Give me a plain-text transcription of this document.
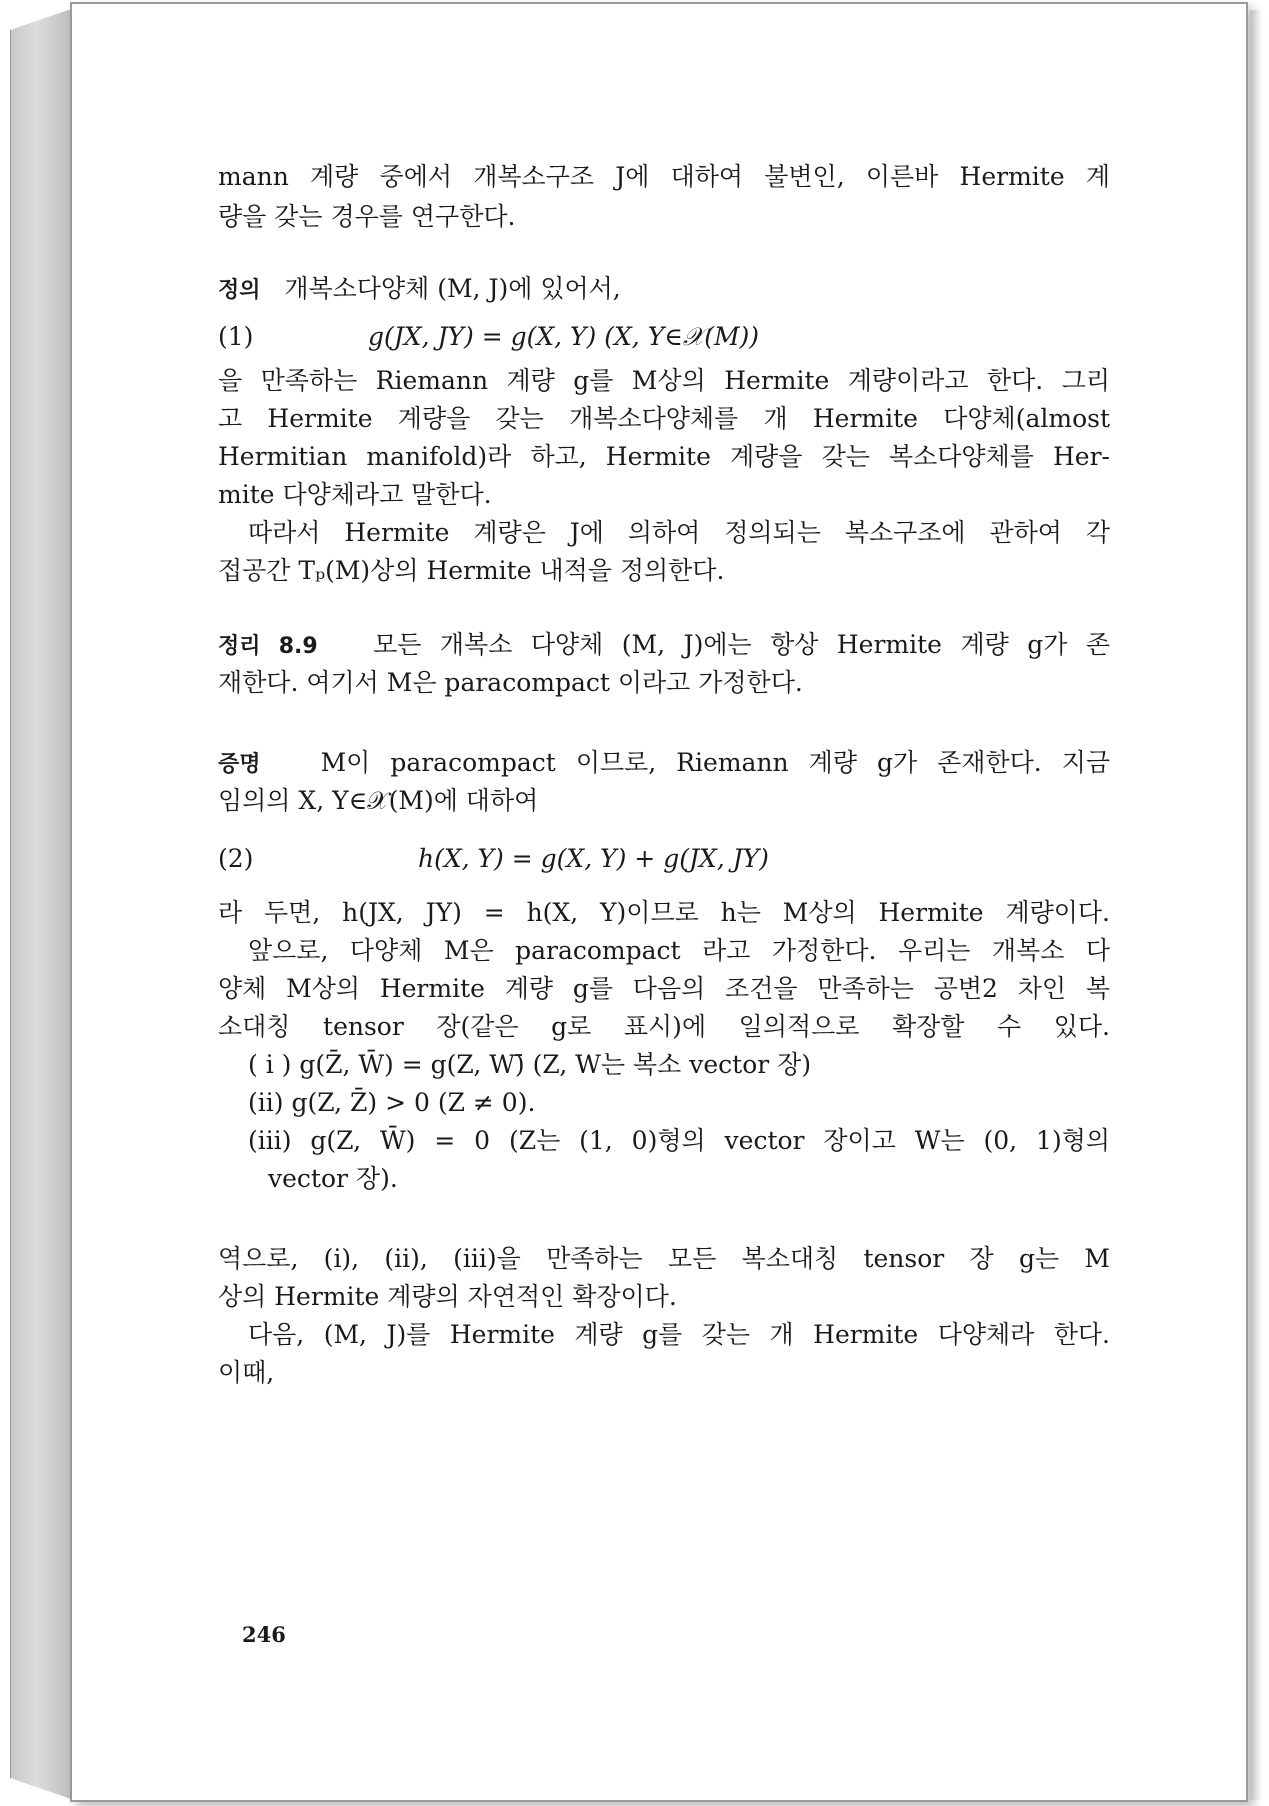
mann 계량 중에서 개복소구조 J에 대하여 불변인, 이른바 Hermite 계
량을 갖는 경우를 연구한다.
정의 개복소다양체 (M, J)에 있어서,
(1)	g(JX, JY) = g(X, Y) (X, Y∈𝒳(M))
을 만족하는 Riemann 계량 g를 M상의 Hermite 계량이라고 한다. 그리
고 Hermite 계량을 갖는 개복소다양체를 개 Hermite 다양체(almost
Hermitian manifold)라 하고, Hermite 계량을 갖는 복소다양체를 Her-
mite 다양체라고 말한다.
따라서 Hermite 계량은 J에 의하여 정의되는 복소구조에 관하여 각
접공간 Tₚ(M)상의 Hermite 내적을 정의한다.
정리 8.9 모든 개복소 다양체 (M, J)에는 항상 Hermite 계량 g가 존
재한다. 여기서 M은 paracompact 이라고 가정한다.
증명 M이 paracompact 이므로, Riemann 계량 g가 존재한다. 지금
임의의 X, Y∈𝒳(M)에 대하여
(2)	h(X, Y) = g(X, Y) + g(JX, JY)
라 두면, h(JX, JY) = h(X, Y)이므로 h는 M상의 Hermite 계량이다.
앞으로, 다양체 M은 paracompact 라고 가정한다. 우리는 개복소 다
양체 M상의 Hermite 계량 g를 다음의 조건을 만족하는 공변2 차인 복
소대칭 tensor 장(같은 g로 표시)에 일의적으로 확장할 수 있다.
( i ) g(Z̄, W̄) = g(Z, W)̄ (Z, W는 복소 vector 장)
(ii) g(Z, Z̄) > 0 (Z ≠ 0).
(iii) g(Z, W̄) = 0 (Z는 (1, 0)형의 vector 장이고 W는 (0, 1)형의
vector 장).
역으로, (i), (ii), (iii)을 만족하는 모든 복소대칭 tensor 장 g는 M
상의 Hermite 계량의 자연적인 확장이다.
다음, (M, J)를 Hermite 계량 g를 갖는 개 Hermite 다양체라 한다.
이때,
246
